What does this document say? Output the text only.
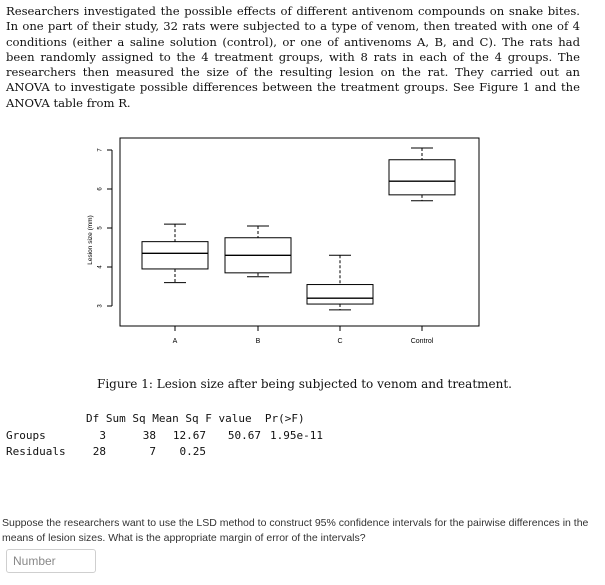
Researchers investigated the possible effects of different antivenom compounds on snake bites. In one part of their study, 32 rats were subjected to a type of venom, then treated with one of 4 conditions (either a saline solution (control), or one of antivenoms A, B, and C). The rats had been randomly assigned to the 4 treatment groups, with 8 rats in each of the 4 groups. The researchers then measured the size of the resulting lesion on the rat. They carried out an ANOVA to investigate possible differences between the treatment groups. See Figure 1 and the ANOVA table from R.
3
4
5
6
7
Lesion size (mm)
A	B	C	Control
Figure 1: Lesion size after being subjected to venom and treatment.
Df Sum Sq Mean Sq F value Pr(>F)
Groups	3	38 12.67 50.67 1.95e-11
Residuals 28	7 0.25
Suppose the researchers want to use the LSD method to construct 95% confidence intervals for the pairwise differences in the means of lesion sizes. What is the appropriate margin of error of the intervals?
Number
